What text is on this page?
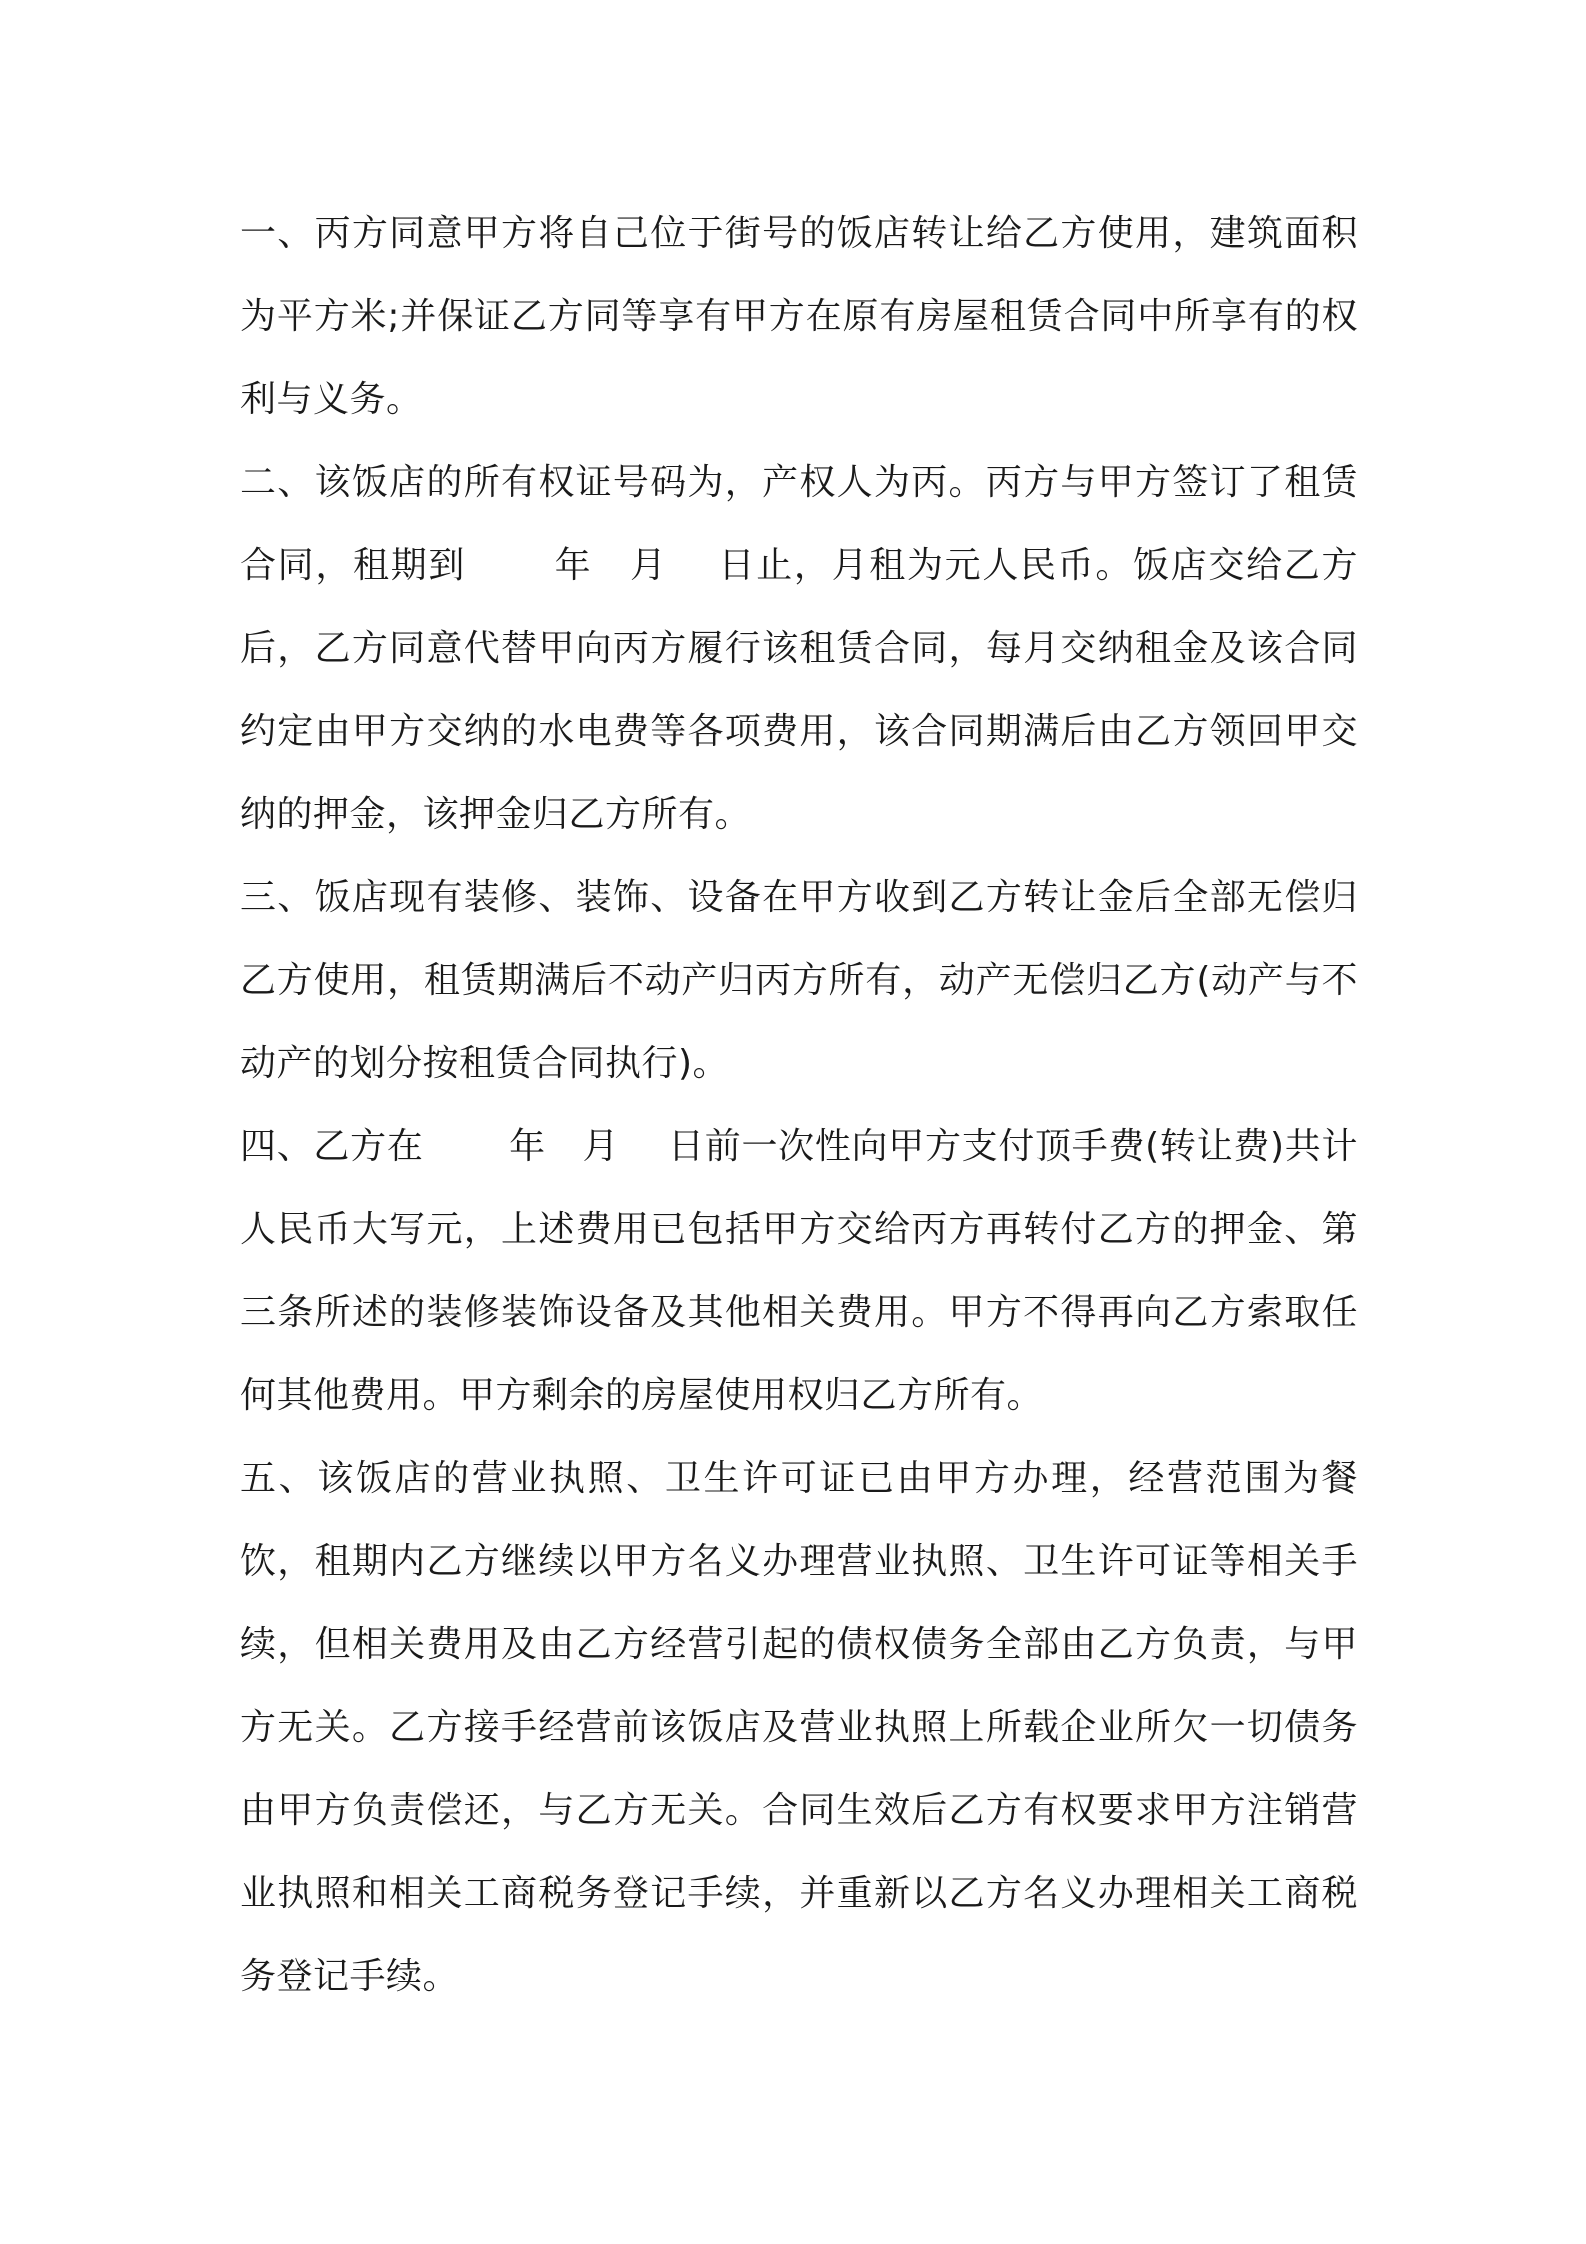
一、丙方同意甲方将自己位于街号的饭店转让给乙方使用，建筑面积为平方米;并保证乙方同等享有甲方在原有房屋租赁合同中所享有的权利与义务。

二、该饭店的所有权证号码为，产权人为丙。丙方与甲方签订了租赁合同，租期到　　 年　月　 日止，月租为元人民币。饭店交给乙方后，乙方同意代替甲向丙方履行该租赁合同，每月交纳租金及该合同约定由甲方交纳的水电费等各项费用，该合同期满后由乙方领回甲交纳的押金，该押金归乙方所有。

三、饭店现有装修、装饰、设备在甲方收到乙方转让金后全部无偿归乙方使用，租赁期满后不动产归丙方所有，动产无偿归乙方(动产与不动产的划分按租赁合同执行)。

四、乙方在　　 年　月　 日前一次性向甲方支付顶手费(转让费)共计人民币大写元，上述费用已包括甲方交给丙方再转付乙方的押金、第三条所述的装修装饰设备及其他相关费用。甲方不得再向乙方索取任何其他费用。甲方剩余的房屋使用权归乙方所有。

五、该饭店的营业执照、卫生许可证已由甲方办理，经营范围为餐饮，租期内乙方继续以甲方名义办理营业执照、卫生许可证等相关手续，但相关费用及由乙方经营引起的债权债务全部由乙方负责，与甲方无关。乙方接手经营前该饭店及营业执照上所载企业所欠一切债务由甲方负责偿还，与乙方无关。合同生效后乙方有权要求甲方注销营业执照和相关工商税务登记手续，并重新以乙方名义办理相关工商税务登记手续。
